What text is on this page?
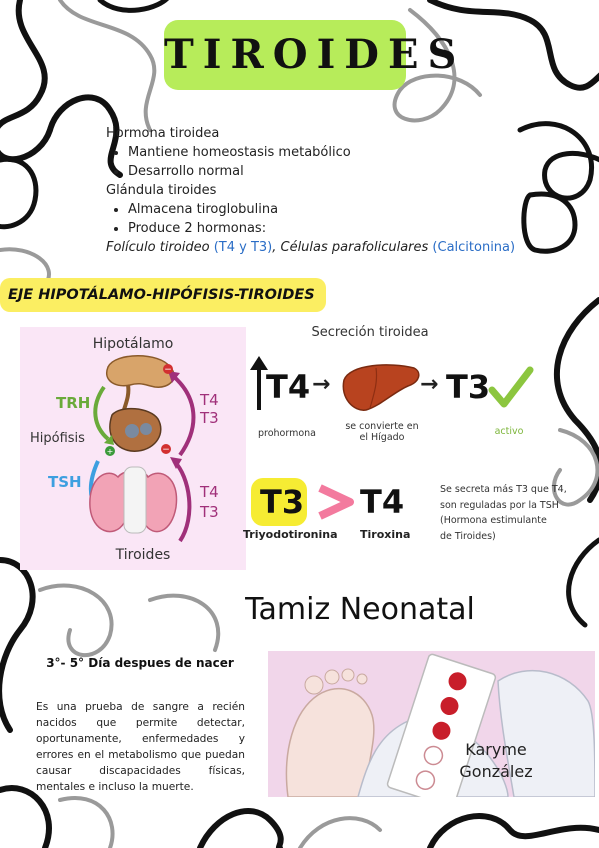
TIROIDES

Hormona tiroidea

• Mantiene homeostasis metabólico
• Desarrollo normal

Glándula tiroides

• Almacena tiroglobulina
• Produce 2 hormonas:

Folículo tiroideo (T4 y T3), Células parafoliculares (Calcitonina)

EJE HIPOTÁLAMO-HIPÓFISIS-TIROIDES
Hipotálamo
TRH
+
Hipófisis
−
T4
T3
−
TSH
T4
T3
Tiroides
Secreción tiroidea
T4 →	→ T3
prohormona
se convierte en
el Hígado
activo
T3 T4
Triyodotironina Tiroxina
Se secreta más T3 que T4,
son reguladas por la TSH
(Hormona estimulante
de Tiroides)
Tamiz Neonatal
3°- 5° Día despues de nacer
Es una prueba de sangre a recién nacidos que permite detectar, oportunamente, enfermedades y errores en el metabolismo que puedan causar discapacidades físicas, mentales e incluso la muerte.
Karyme
González
